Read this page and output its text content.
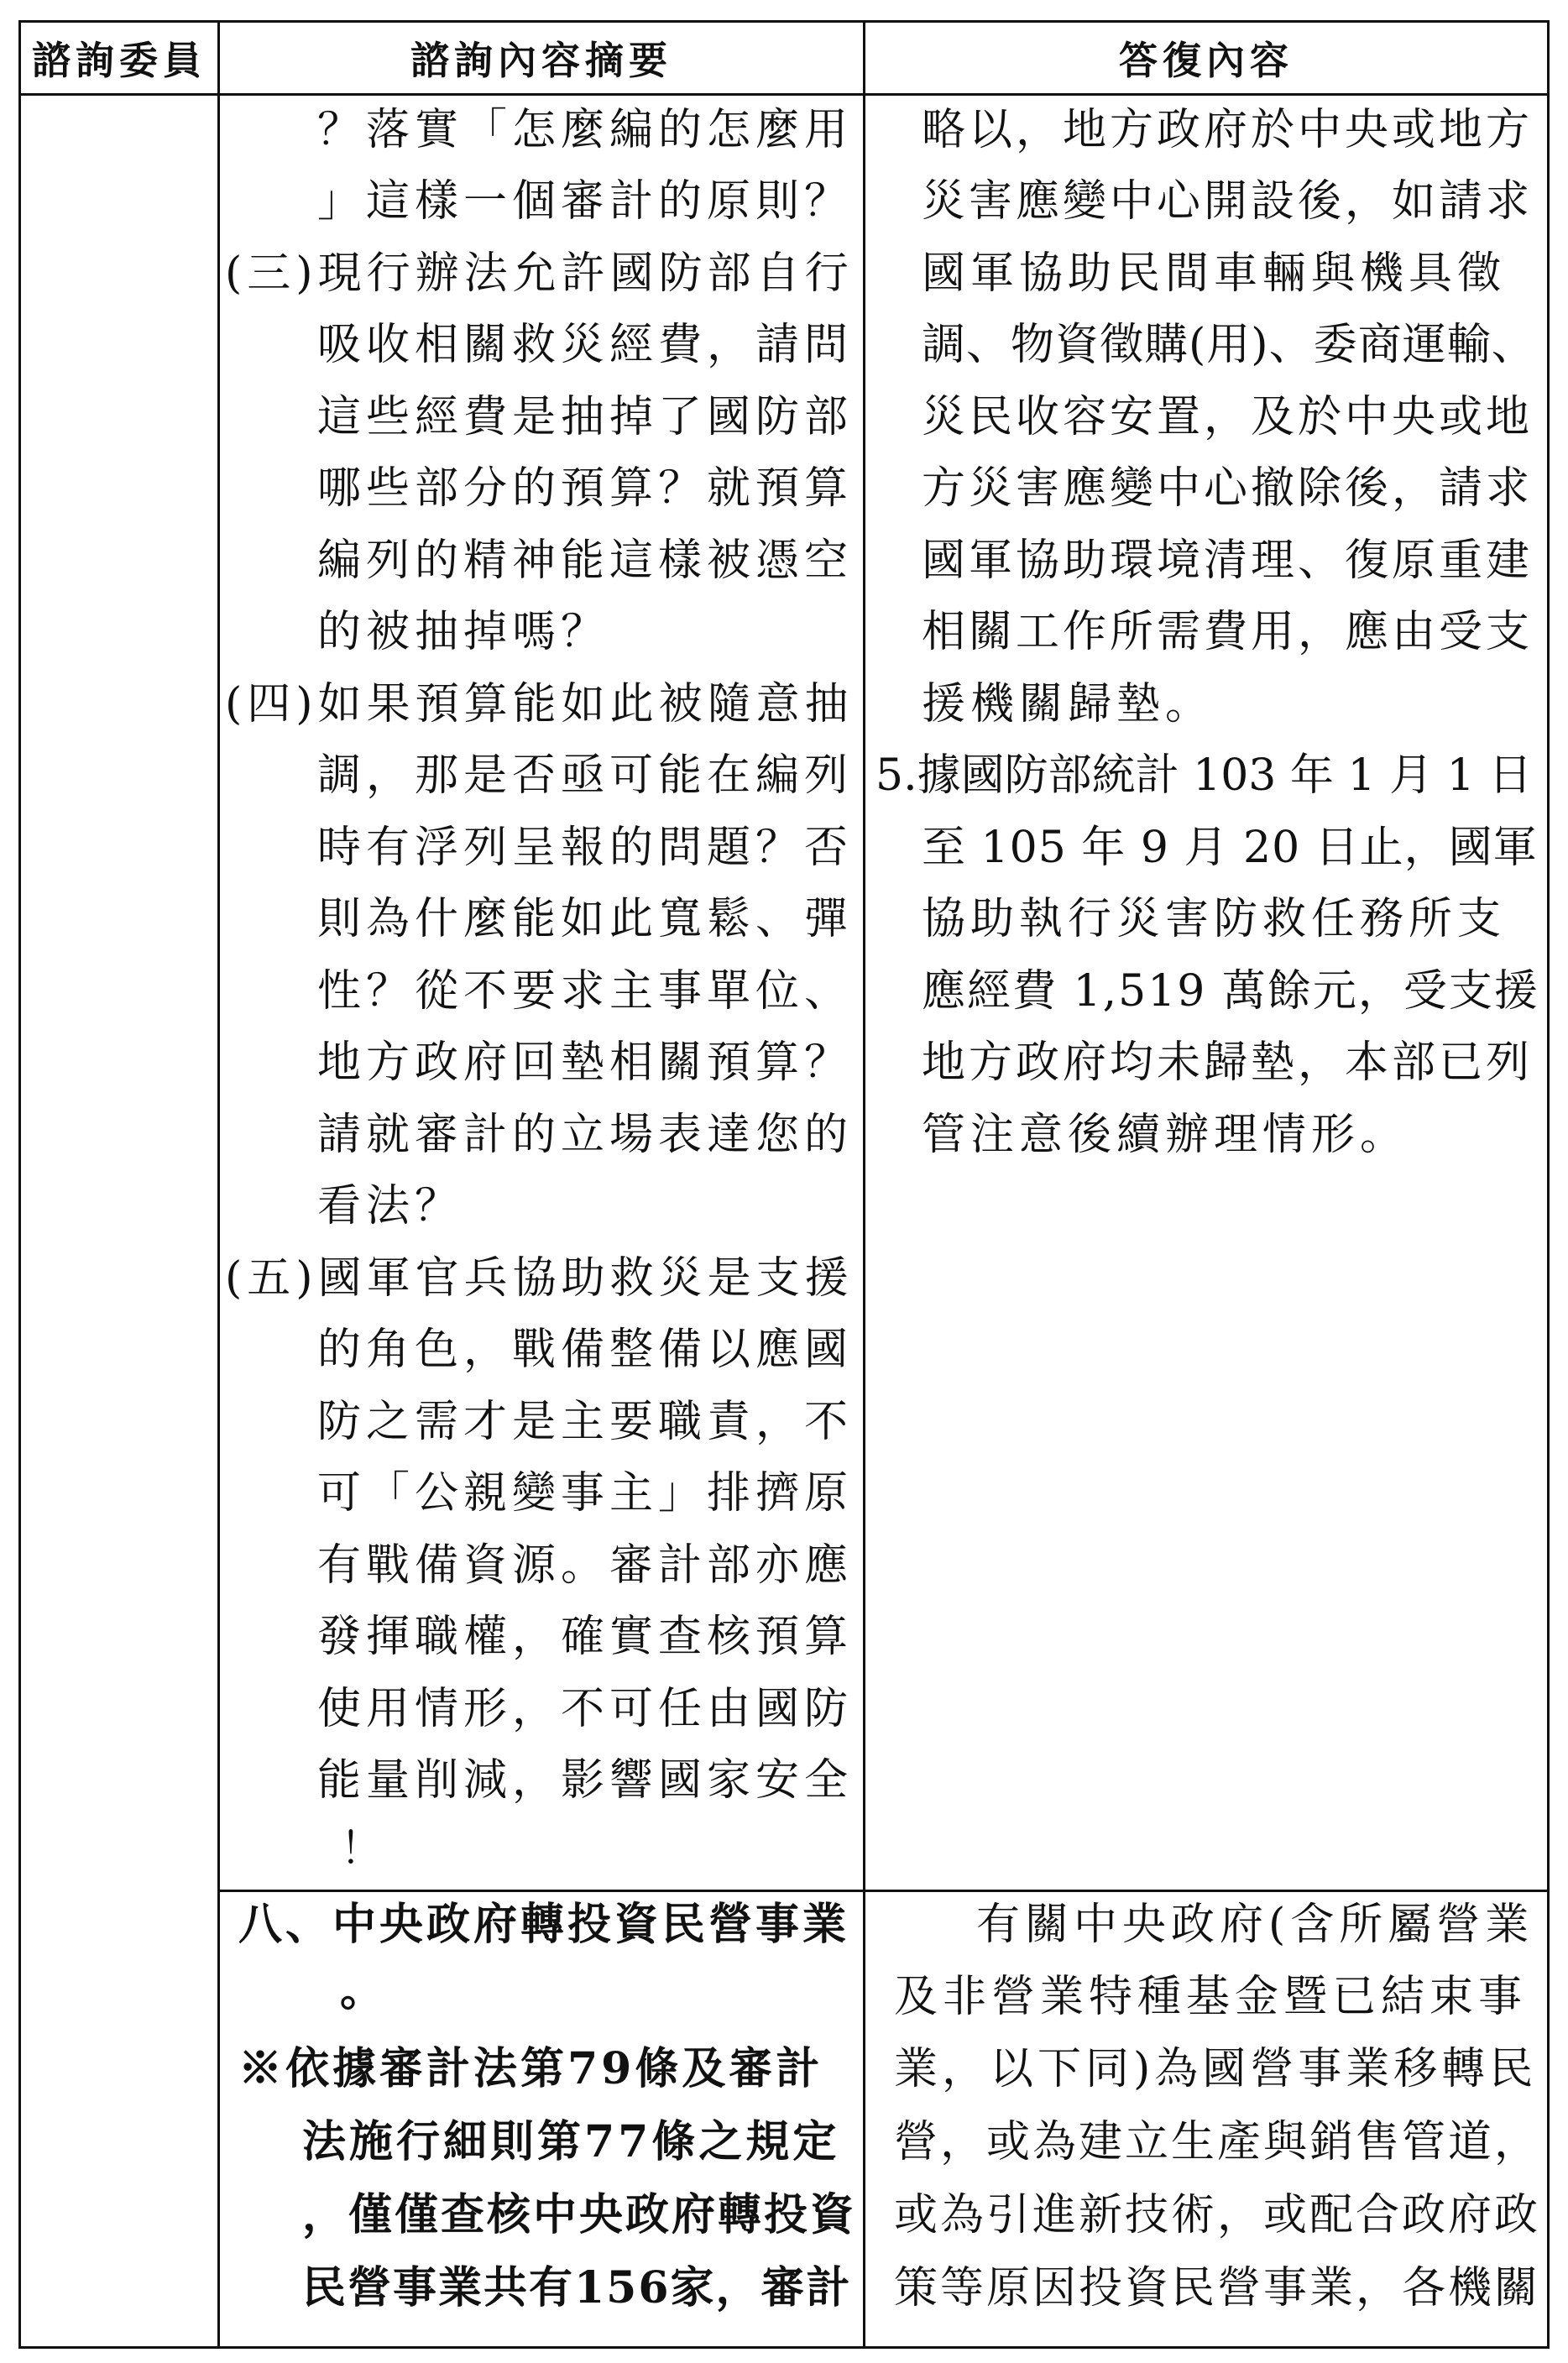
諮詢委員	諮詢內容摘要	答復內容
？落實「怎麼編的怎麼用
」這樣一個審計的原則？
(三)現行辦法允許國防部自行
吸收相關救災經費，請問
這些經費是抽掉了國防部
哪些部分的預算？就預算
編列的精神能這樣被憑空
的被抽掉嗎？
(四)如果預算能如此被隨意抽
調，那是否亟可能在編列
時有浮列呈報的問題？否
則為什麼能如此寬鬆、彈
性？從不要求主事單位、
地方政府回墊相關預算？
請就審計的立場表達您的
看法？
(五)國軍官兵協助救災是支援
的角色，戰備整備以應國
防之需才是主要職責，不
可「公親變事主」排擠原
有戰備資源。審計部亦應
發揮職權，確實查核預算
使用情形，不可任由國防
能量削減，影響國家安全
！
略以，地方政府於中央或地方
災害應變中心開設後，如請求
國軍協助民間車輛與機具徵
調、物資徵購(用)、委商運輸、
災民收容安置，及於中央或地
方災害應變中心撤除後，請求
國軍協助環境清理、復原重建
相關工作所需費用，應由受支
援機關歸墊。
5.據國防部統計 103 年 1 月 1 日
至 105 年 9 月 20 日止，國軍
協助執行災害防救任務所支
應經費 1,519 萬餘元，受支援
地方政府均未歸墊，本部已列
管注意後續辦理情形。
八、中央政府轉投資民營事業
。
※依據審計法第79條及審計
法施行細則第77條之規定
，僅僅查核中央政府轉投資
民營事業共有156家，審計
有關中央政府(含所屬營業
及非營業特種基金暨已結束事
業，以下同)為國營事業移轉民
營，或為建立生產與銷售管道，
或為引進新技術，或配合政府政
策等原因投資民營事業，各機關
